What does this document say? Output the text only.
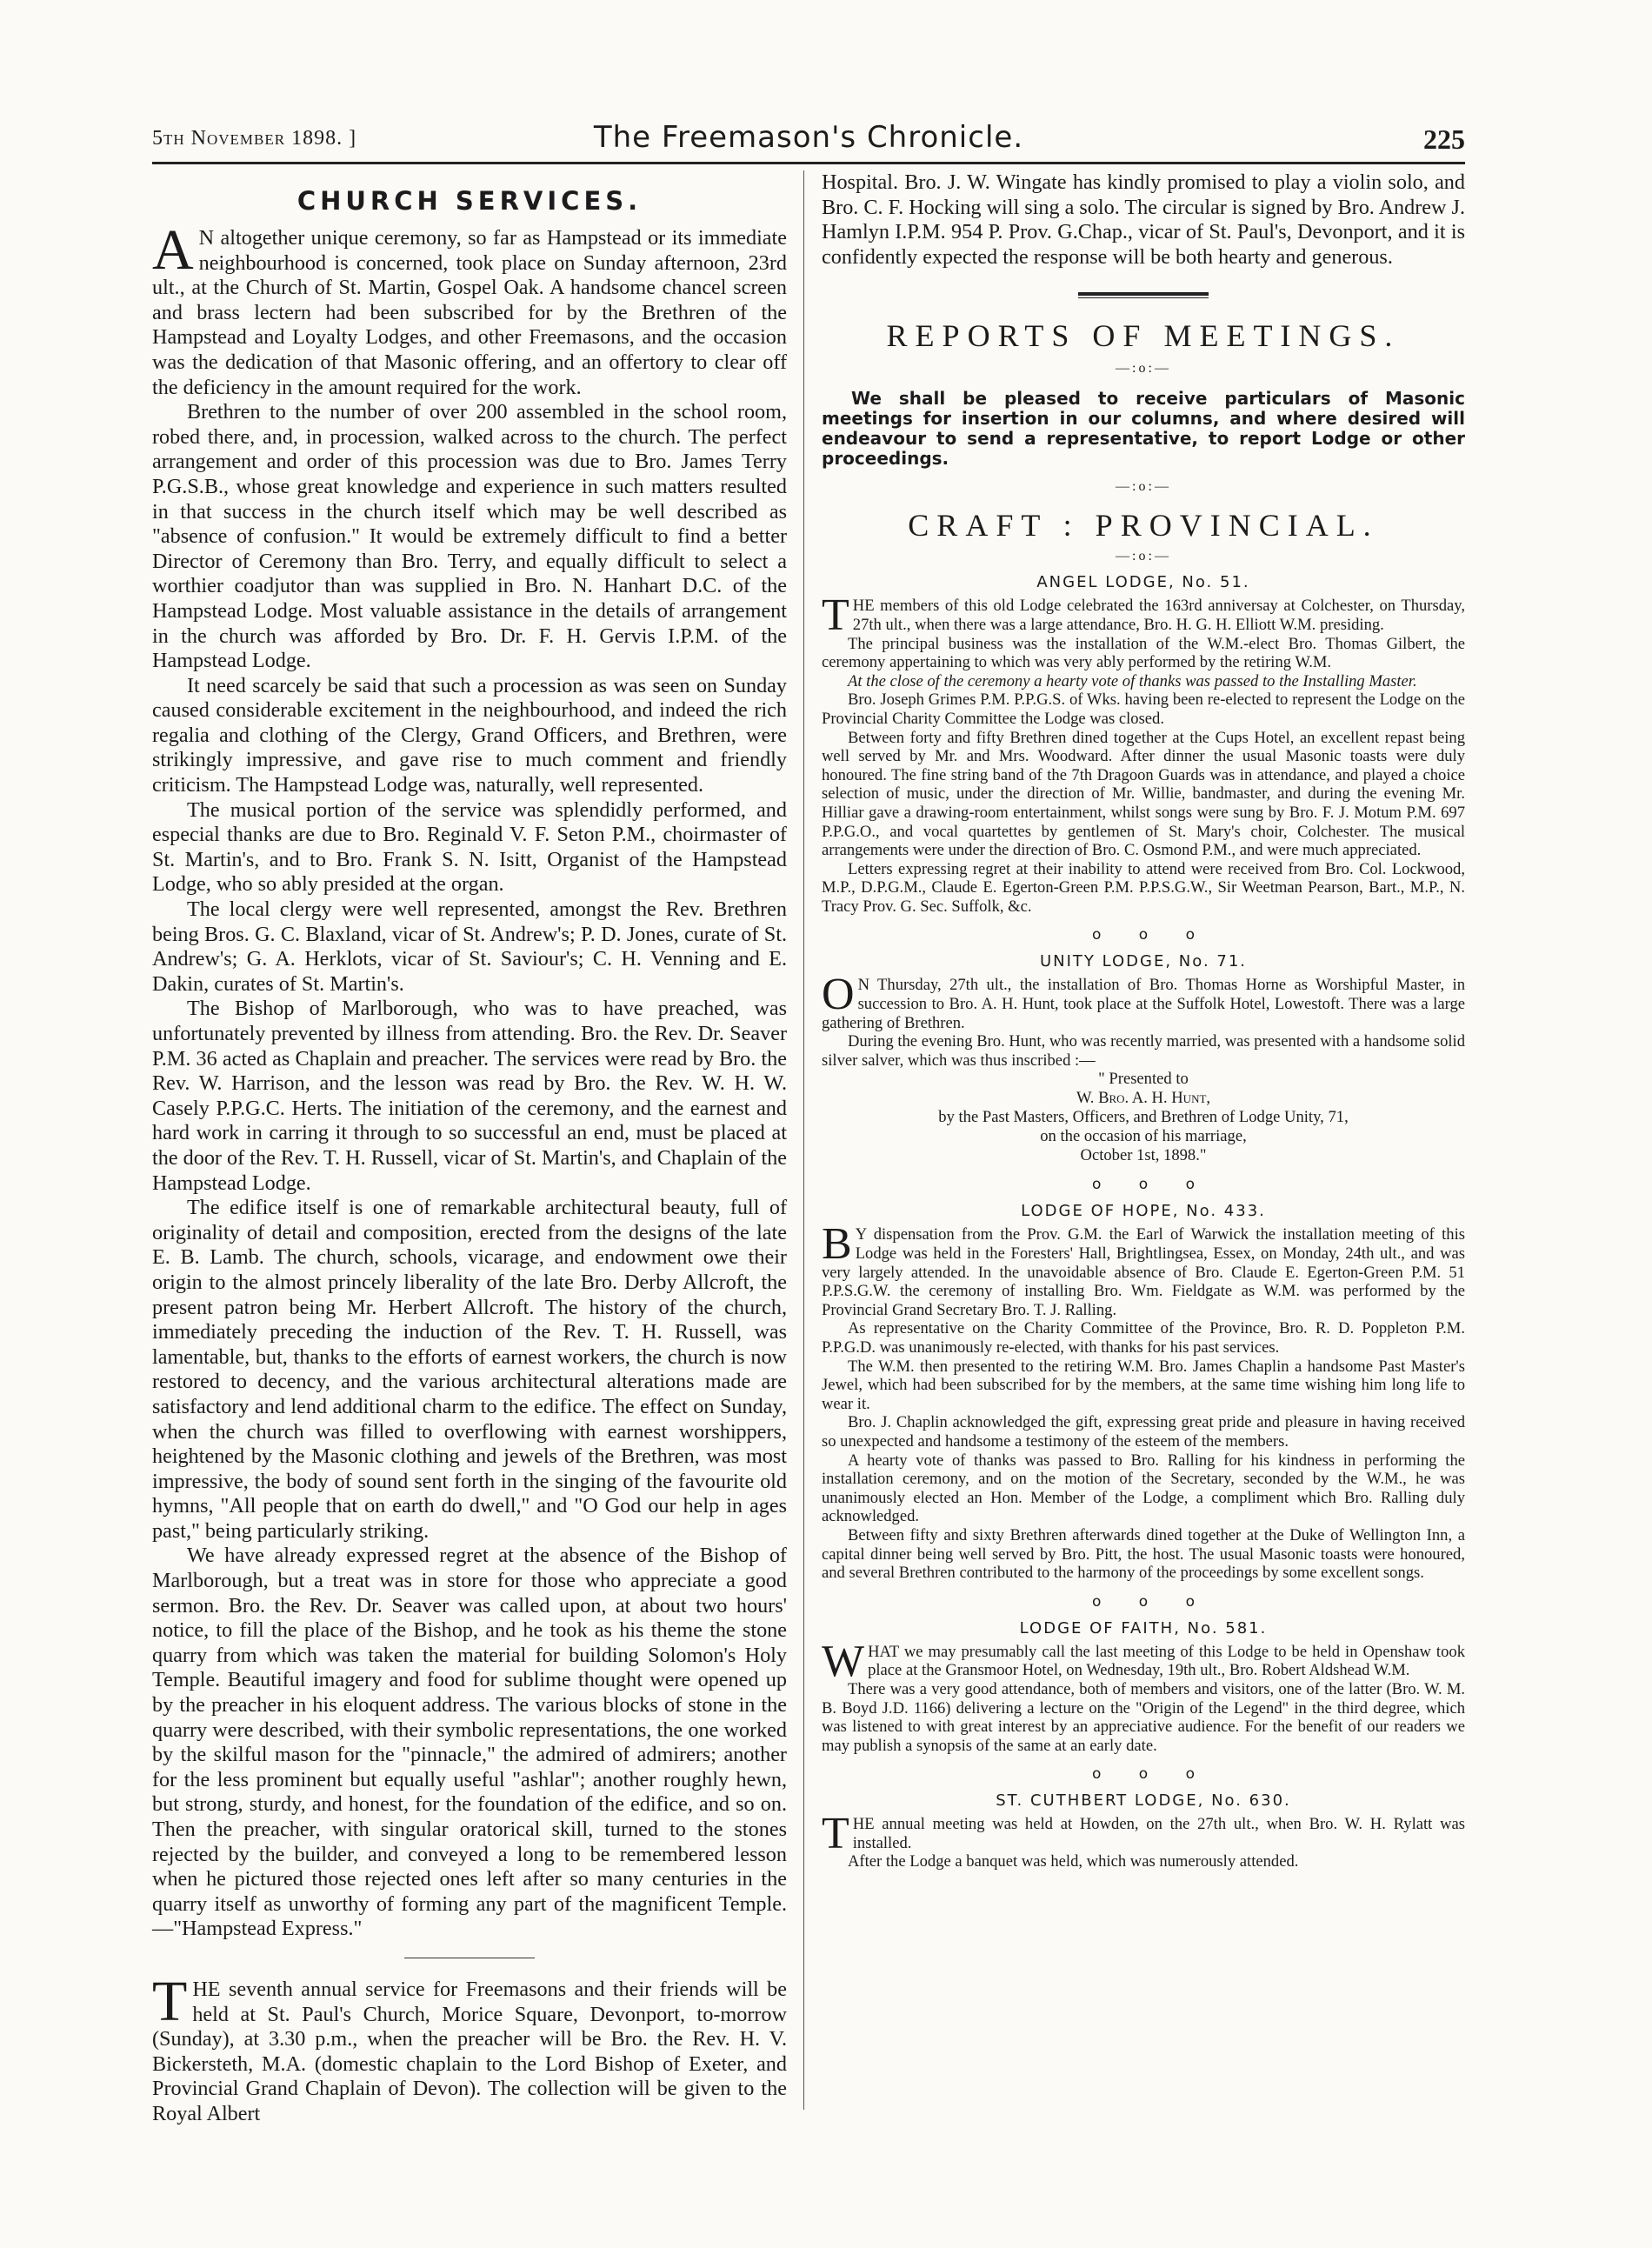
5th November 1898. ]	The Freemason's Chronicle.	225
CHURCH SERVICES.

A N altogether unique ceremony, so far as Hampstead or its immediate neighbourhood is concerned, took place on Sunday afternoon, 23rd ult., at the Church of St. Martin, Gospel Oak. A handsome chancel screen and brass lectern had been subscribed for by the Brethren of the Hampstead and Loyalty Lodges, and other Freemasons, and the occasion was the dedication of that Masonic offering, and an offertory to clear off the deficiency in the amount required for the work.

Brethren to the number of over 200 assembled in the school room, robed there, and, in procession, walked across to the church. The perfect arrangement and order of this procession was due to Bro. James Terry P.G.S.B., whose great knowledge and experience in such matters resulted in that success in the church itself which may be well described as "absence of confusion." It would be extremely difficult to find a better Director of Ceremony than Bro. Terry, and equally difficult to select a worthier coadjutor than was supplied in Bro. N. Hanhart D.C. of the Hampstead Lodge. Most valuable assistance in the details of arrangement in the church was afforded by Bro. Dr. F. H. Gervis I.P.M. of the Hampstead Lodge.

It need scarcely be said that such a procession as was seen on Sunday caused considerable excitement in the neighbourhood, and indeed the rich regalia and clothing of the Clergy, Grand Officers, and Brethren, were strikingly impressive, and gave rise to much comment and friendly criticism. The Hampstead Lodge was, naturally, well represented.

The musical portion of the service was splendidly performed, and especial thanks are due to Bro. Reginald V. F. Seton P.M., choirmaster of St. Martin's, and to Bro. Frank S. N. Isitt, Organist of the Hampstead Lodge, who so ably presided at the organ.

The local clergy were well represented, amongst the Rev. Brethren being Bros. G. C. Blaxland, vicar of St. Andrew's; P. D. Jones, curate of St. Andrew's; G. A. Herklots, vicar of St. Saviour's; C. H. Venning and E. Dakin, curates of St. Martin's.

The Bishop of Marlborough, who was to have preached, was unfortunately prevented by illness from attending. Bro. the Rev. Dr. Seaver P.M. 36 acted as Chaplain and preacher. The services were read by Bro. the Rev. W. Harrison, and the lesson was read by Bro. the Rev. W. H. W. Casely P.P.G.C. Herts. The initiation of the ceremony, and the earnest and hard work in carring it through to so successful an end, must be placed at the door of the Rev. T. H. Russell, vicar of St. Martin's, and Chaplain of the Hampstead Lodge.

The edifice itself is one of remarkable architectural beauty, full of originality of detail and composition, erected from the designs of the late E. B. Lamb. The church, schools, vicarage, and endowment owe their origin to the almost princely liberality of the late Bro. Derby Allcroft, the present patron being Mr. Herbert Allcroft. The history of the church, immediately preceding the induction of the Rev. T. H. Russell, was lamentable, but, thanks to the efforts of earnest workers, the church is now restored to decency, and the various architectural alterations made are satisfactory and lend additional charm to the edifice. The effect on Sunday, when the church was filled to overflowing with earnest worshippers, heightened by the Masonic clothing and jewels of the Brethren, was most impressive, the body of sound sent forth in the singing of the favourite old hymns, "All people that on earth do dwell," and "O God our help in ages past," being particularly striking.

We have already expressed regret at the absence of the Bishop of Marlborough, but a treat was in store for those who appreciate a good sermon. Bro. the Rev. Dr. Seaver was called upon, at about two hours' notice, to fill the place of the Bishop, and he took as his theme the stone quarry from which was taken the material for building Solomon's Holy Temple. Beautiful imagery and food for sublime thought were opened up by the preacher in his eloquent address. The various blocks of stone in the quarry were described, with their symbolic representations, the one worked by the skilful mason for the "pinnacle," the admired of admirers; another for the less prominent but equally useful "ashlar"; another roughly hewn, but strong, sturdy, and honest, for the foundation of the edifice, and so on. Then the preacher, with singular oratorical skill, turned to the stones rejected by the builder, and conveyed a long to be remembered lesson when he pictured those rejected ones left after so many centuries in the quarry itself as unworthy of forming any part of the magnificent Temple.—"Hampstead Express."

THE seventh annual service for Freemasons and their friends will be held at St. Paul's Church, Morice Square, Devonport, to-morrow (Sunday), at 3.30 p.m., when the preacher will be Bro. the Rev. H. V. Bickersteth, M.A. (domestic chaplain to the Lord Bishop of Exeter, and Provincial Grand Chaplain of Devon). The collection will be given to the Royal Albert

Hospital. Bro. J. W. Wingate has kindly promised to play a violin solo, and Bro. C. F. Hocking will sing a solo. The circular is signed by Bro. Andrew J. Hamlyn I.P.M. 954 P. Prov. G.Chap., vicar of St. Paul's, Devonport, and it is confidently expected the response will be both hearty and generous.

REPORTS OF MEETINGS.
—:o:—

We shall be pleased to receive particulars of Masonic meetings for insertion in our columns, and where desired will endeavour to send a representative, to report Lodge or other proceedings.

—:o:—
CRAFT : PROVINCIAL.
—:o:—
ANGEL LODGE, No. 51.

THE members of this old Lodge celebrated the 163rd anniversay at Colchester, on Thursday, 27th ult., when there was a large attendance, Bro. H. G. H. Elliott W.M. presiding.

The principal business was the installation of the W.M.-elect Bro. Thomas Gilbert, the ceremony appertaining to which was very ably performed by the retiring W.M.

At the close of the ceremony a hearty vote of thanks was passed to the Installing Master.

Bro. Joseph Grimes P.M. P.P.G.S. of Wks. having been re-elected to represent the Lodge on the Provincial Charity Committee the Lodge was closed.

Between forty and fifty Brethren dined together at the Cups Hotel, an excellent repast being well served by Mr. and Mrs. Woodward. After dinner the usual Masonic toasts were duly honoured. The fine string band of the 7th Dragoon Guards was in attendance, and played a choice selection of music, under the direction of Mr. Willie, bandmaster, and during the evening Mr. Hilliar gave a drawing-room entertainment, whilst songs were sung by Bro. F. J. Motum P.M. 697 P.P.G.O., and vocal quartettes by gentlemen of St. Mary's choir, Colchester. The musical arrangements were under the direction of Bro. C. Osmond P.M., and were much appreciated.

Letters expressing regret at their inability to attend were received from Bro. Col. Lockwood, M.P., D.P.G.M., Claude E. Egerton-Green P.M. P.P.S.G.W., Sir Weetman Pearson, Bart., M.P., N. Tracy Prov. G. Sec. Suffolk, &c.

o o o
UNITY LODGE, No. 71.

O N Thursday, 27th ult., the installation of Bro. Thomas Horne as Worshipful Master, in succession to Bro. A. H. Hunt, took place at the Suffolk Hotel, Lowestoft. There was a large gathering of Brethren.

During the evening Bro. Hunt, who was recently married, was presented with a handsome solid silver salver, which was thus inscribed :—

" Presented to
W. Bro. A. H. Hunt,
by the Past Masters, Officers, and Brethren of Lodge Unity, 71,
on the occasion of his marriage,
October 1st, 1898."
o o o
LODGE OF HOPE, No. 433.

B Y dispensation from the Prov. G.M. the Earl of Warwick the installation meeting of this Lodge was held in the Foresters' Hall, Brightlingsea, Essex, on Monday, 24th ult., and was very largely attended. In the unavoidable absence of Bro. Claude E. Egerton-Green P.M. 51 P.P.S.G.W. the ceremony of installing Bro. Wm. Fieldgate as W.M. was performed by the Provincial Grand Secretary Bro. T. J. Ralling.

As representative on the Charity Committee of the Province, Bro. R. D. Poppleton P.M. P.P.G.D. was unanimously re-elected, with thanks for his past services.

The W.M. then presented to the retiring W.M. Bro. James Chaplin a handsome Past Master's Jewel, which had been subscribed for by the members, at the same time wishing him long life to wear it.

Bro. J. Chaplin acknowledged the gift, expressing great pride and pleasure in having received so unexpected and handsome a testimony of the esteem of the members.

A hearty vote of thanks was passed to Bro. Ralling for his kindness in performing the installation ceremony, and on the motion of the Secretary, seconded by the W.M., he was unanimously elected an Hon. Member of the Lodge, a compliment which Bro. Ralling duly acknowledged.

Between fifty and sixty Brethren afterwards dined together at the Duke of Wellington Inn, a capital dinner being well served by Bro. Pitt, the host. The usual Masonic toasts were honoured, and several Brethren contributed to the harmony of the proceedings by some excellent songs.

o o o
LODGE OF FAITH, No. 581.

WHAT we may presumably call the last meeting of this Lodge to be held in Openshaw took place at the Gransmoor Hotel, on Wednesday, 19th ult., Bro. Robert Aldshead W.M.

There was a very good attendance, both of members and visitors, one of the latter (Bro. W. M. B. Boyd J.D. 1166) delivering a lecture on the "Origin of the Legend" in the third degree, which was listened to with great interest by an appreciative audience. For the benefit of our readers we may publish a synopsis of the same at an early date.

o o o
ST. CUTHBERT LODGE, No. 630.

THE annual meeting was held at Howden, on the 27th ult., when Bro. W. H. Rylatt was installed.

After the Lodge a banquet was held, which was numerously attended.
